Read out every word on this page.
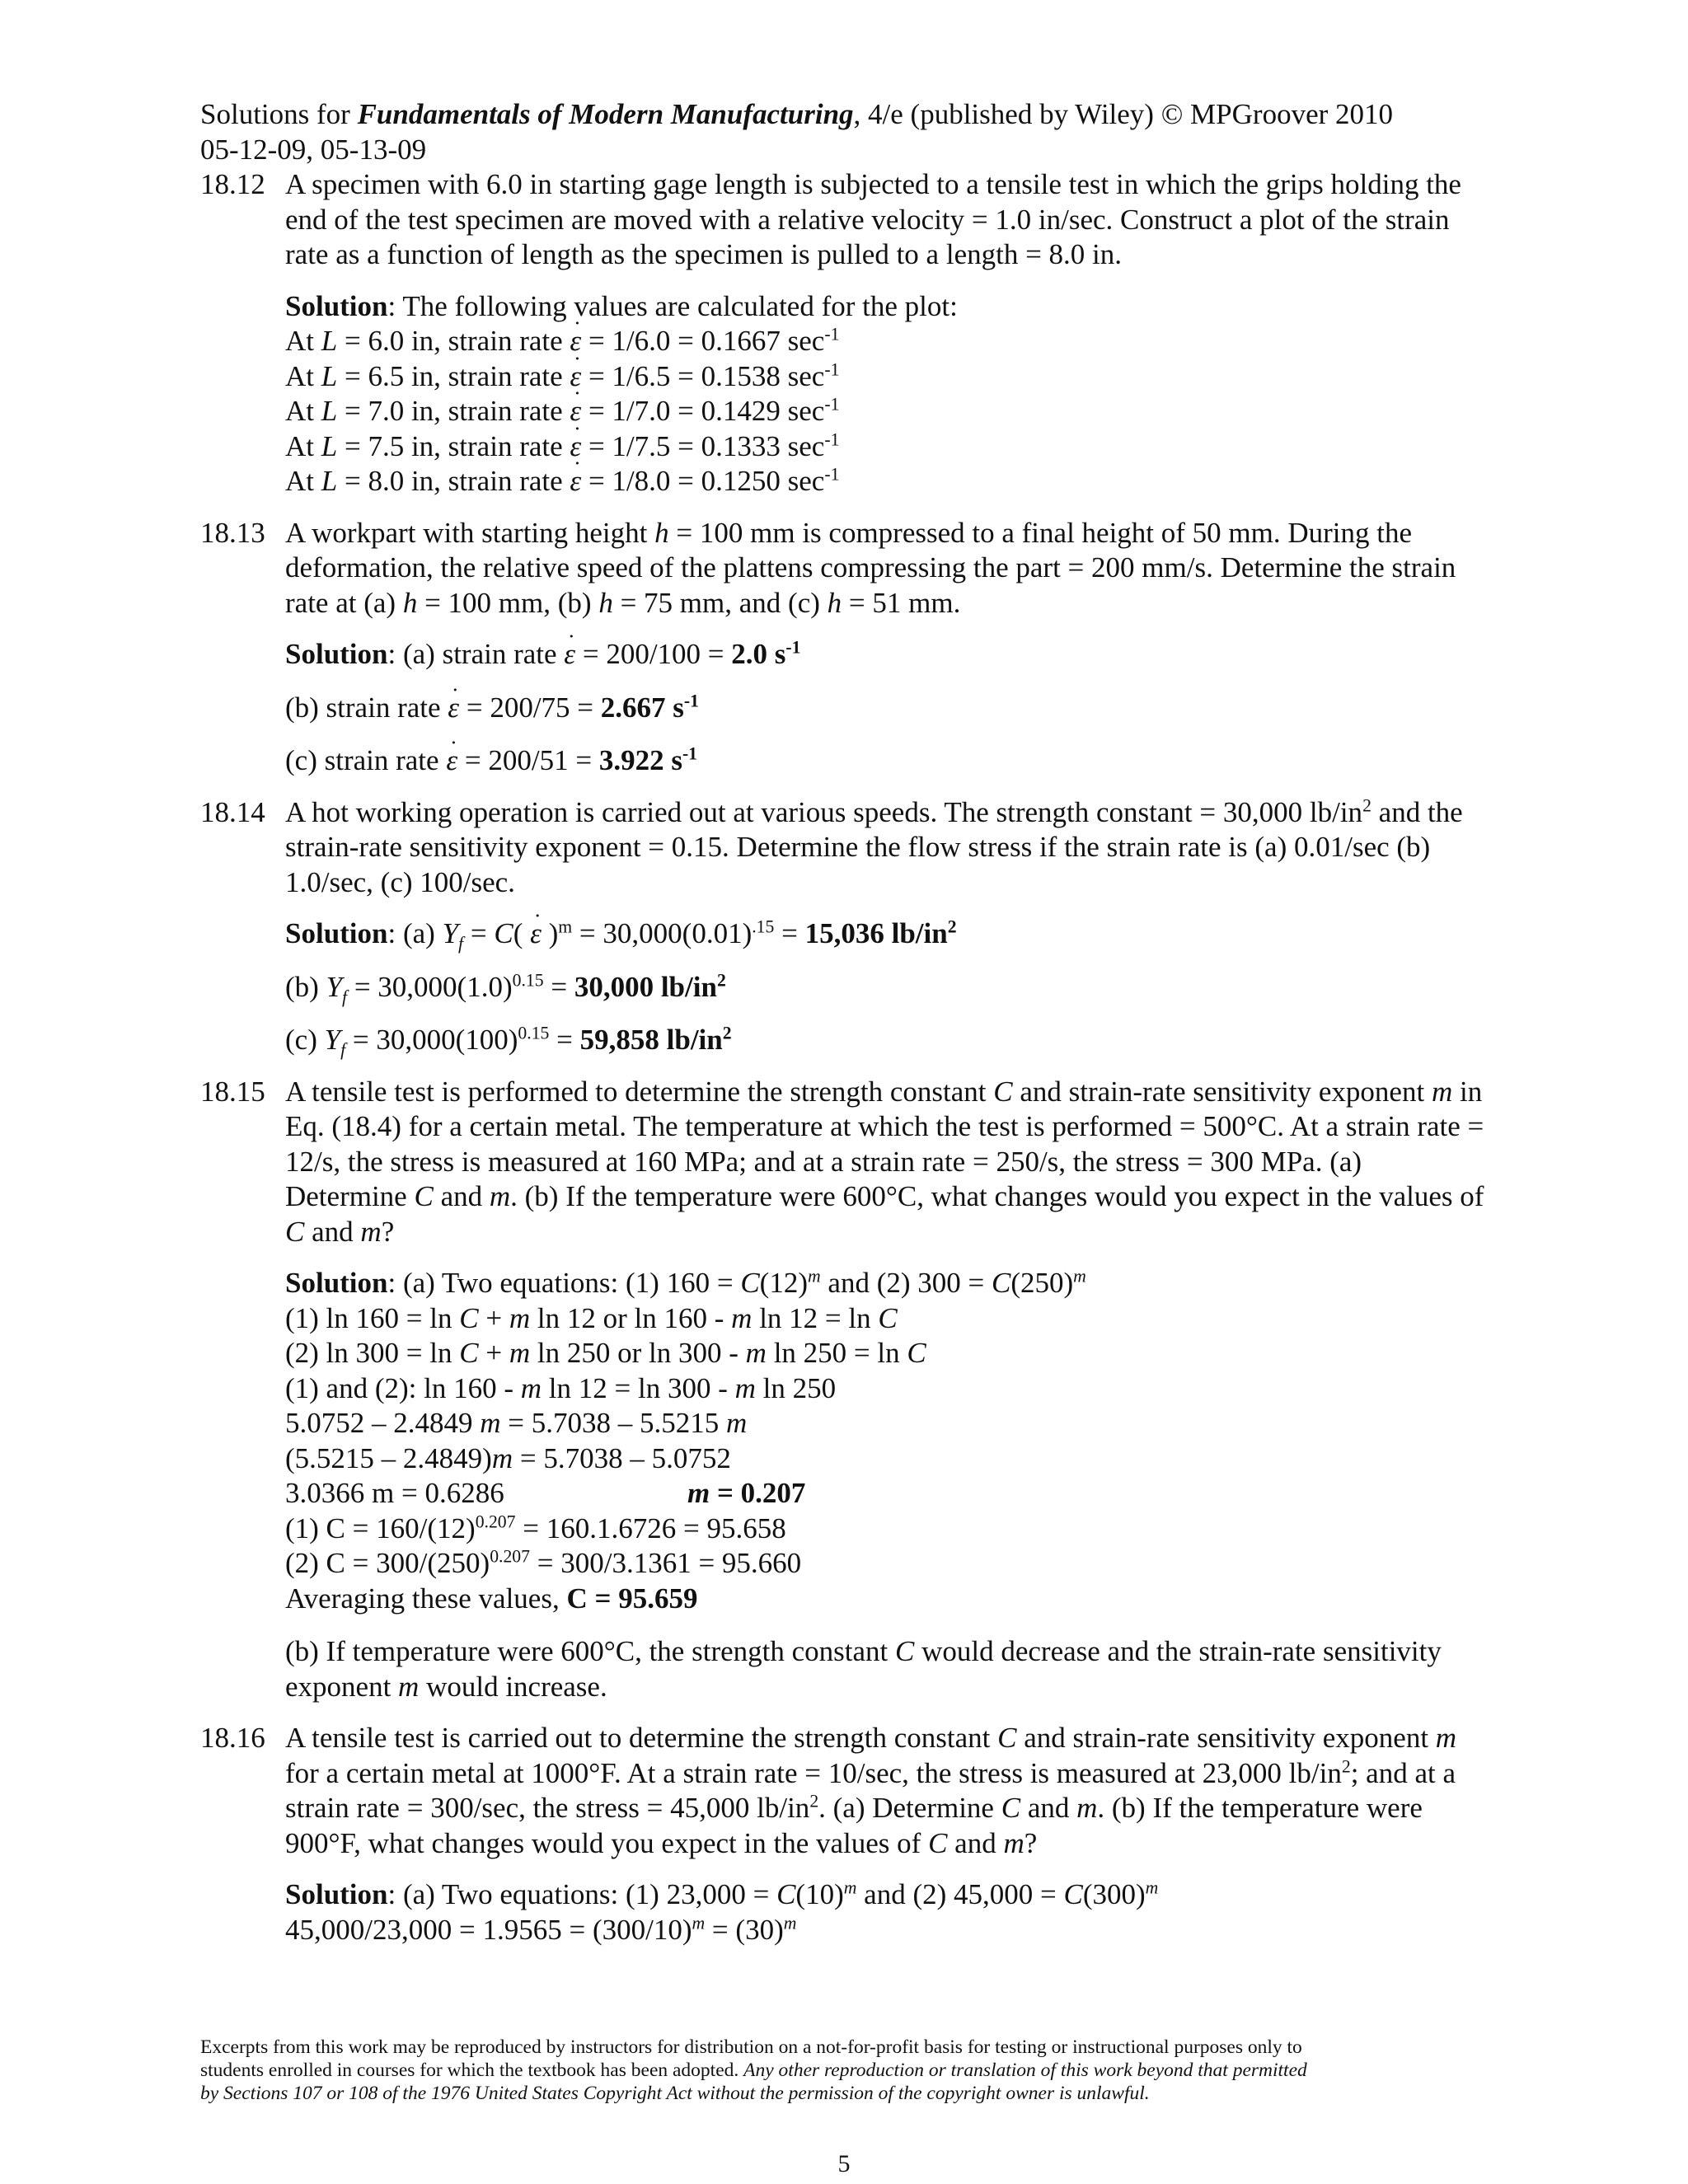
Solutions for Fundamentals of Modern Manufacturing, 4/e (published by Wiley) © MPGroover 2010
05-12-09, 05-13-09
18.12 A specimen with 6.0 in starting gage length is subjected to a tensile test in which the grips holding the end of the test specimen are moved with a relative velocity = 1.0 in/sec. Construct a plot of the strain rate as a function of length as the specimen is pulled to a length = 8.0 in.
Solution: The following values are calculated for the plot:
At L = 6.0 in, strain rate ˙ ε = 1/6.0 = 0.1667 $\sec^{-1}$
At L = 6.5 in, strain rate ˙ ε = 1/6.5 = 0.1538 $\sec^{-1}$
At L = 7.0 in, strain rate ˙ ε = 1/7.0 = 0.1429 $\sec^{-1}$
At L = 7.5 in, strain rate ˙ ε = 1/7.5 = 0.1333 $\sec^{-1}$
At L = 8.0 in, strain rate ˙ ε = 1/8.0 = 0.1250 $\sec^{-1}$
18.13 A workpart with starting height h = 100 mm is compressed to a final height of 50 mm. During the deformation, the relative speed of the plattens compressing the part = 200 mm/s. Determine the strain rate at (a) h = 100 mm, (b) h = 75 mm, and (c) h = 51 mm.
Solution: (a) strain rate ˙ ε = 200/100 = 2.0 $s^{-1}$
(b) strain rate ˙ ε = 200/75 = 2.667 $s^{-1}$
(c) strain rate ˙ ε = 200/51 = 3.922 $s^{-1}$
18.14 A hot working operation is carried out at various speeds. The strength constant = 30,000 $lb/in^2$ and the strain-rate sensitivity exponent = 0.15. Determine the flow stress if the strain rate is (a) 0.01/sec (b) 1.0/sec, (c) 100/sec.
Solution: (a) $Y_f = C$( ˙ ε )$^m = 30,000(0.01)^{.15} = 15,036$ $lb/in^2$
(b) $Y_f = 30,000(1.0)^{0.15} = 30,000$ $lb/in^2$
(c) $Y_f = 30,000(100)^{0.15} = 59,858$ $lb/in^2$
18.15 A tensile test is performed to determine the strength constant C and strain-rate sensitivity exponent m in Eq. (18.4) for a certain metal. The temperature at which the test is performed = 500°C. At a strain rate = 12/s, the stress is measured at 160 MPa; and at a strain rate = 250/s, the stress = 300 MPa. (a) Determine C and m. (b) If the temperature were 600°C, what changes would you expect in the values of C and m?
Solution: (a) Two equations: (1) $160 = C(12)^m$ and (2) $300 = C(250)^m$
(1) ln 160 = ln C + m ln 12 or ln 160 - m ln 12 = ln C
(2) ln 300 = ln C + m ln 250 or ln 300 - m ln 250 = ln C
(1) and (2): ln 160 - m ln 12 = ln 300 - m ln 250
5.0752 – 2.4849 m = 5.7038 – 5.5215 m
(5.5215 – 2.4849)m = 5.7038 – 5.0752
3.0366 m = 0.6286	m = 0.207
(1) $C = 160/(12)^{0.207} = 160.1.6726 = 95.658$
(2) $C = 300/(250)^{0.207} = 300/3.1361 = 95.660$
Averaging these values, C = 95.659
(b) If temperature were 600°C, the strength constant C would decrease and the strain-rate sensitivity exponent m would increase.
18.16 A tensile test is carried out to determine the strength constant C and strain-rate sensitivity exponent m for a certain metal at 1000°F. At a strain rate = 10/sec, the stress is measured at 23,000 $lb/in^2$; and at a strain rate = 300/sec, the stress = 45,000 $lb/in^2$. (a) Determine C and m. (b) If the temperature were 900°F, what changes would you expect in the values of C and m?
Solution: (a) Two equations: (1) $23,000 = C(10)^m$ and (2) $45,000 = C(300)^m$
$45,000/23,000 = 1.9565 = (300/10)^m = (30)^m$
Excerpts from this work may be reproduced by instructors for distribution on a not-for-profit basis for testing or instructional purposes only to
students enrolled in courses for which the textbook has been adopted. Any other reproduction or translation of this work beyond that permitted
by Sections 107 or 108 of the 1976 United States Copyright Act without the permission of the copyright owner is unlawful.
5
